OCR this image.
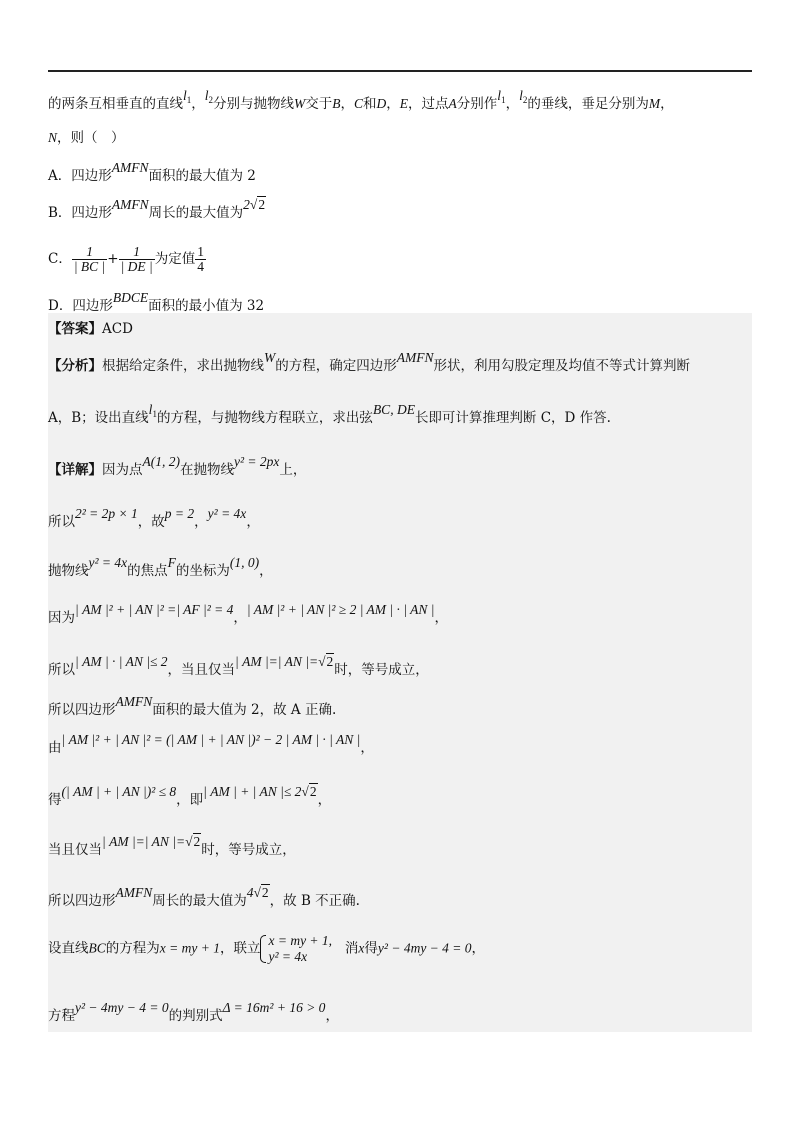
的两条互相垂直的直线$l_1$，$l_2$分别与抛物线W交于B，C和D，E，过点A分别作$l_1$，$l_2$的垂线，垂足分别为M，
N，则（　）
A．四边形AMFN面积的最大值为 2
B．四边形AMFN周长的最大值为2√2
C． $\frac{1}{| BC |} + \frac{1}{| DE |}$ 为定值 $\frac{1}{4}$
D．四边形BDCE面积的最小值为 32
【答案】ACD
【分析】根据给定条件，求出抛物线W的方程，确定四边形AMFN形状，利用勾股定理及均值不等式计算判断
A，B；设出直线$l_1$的方程，与抛物线方程联立，求出弦BC, DE长即可计算推理判断 C，D 作答.
【详解】因为点A(1, 2)在抛物线y² = 2px上，
所以2² = 2p × 1，故p = 2，y² = 4x，
抛物线y² = 4x的焦点F的坐标为(1, 0)，
因为| AM |² + | AN |² =| AF |² = 4，| AM |² + | AN |² ≥ 2 | AM | · | AN |，
所以| AM | · | AN |≤ 2，当且仅当| AM |=| AN |=√2时，等号成立，
所以四边形AMFN面积的最大值为 2，故 A 正确.
由| AM |² + | AN |² = (| AM | + | AN |)² − 2 | AM | · | AN |，
得(| AM | + | AN |)² ≤ 8，即| AM | + | AN |≤ 2√2，
当且仅当| AM |=| AN |=√2时，等号成立，
所以四边形AMFN周长的最大值为4√2，故 B 不正确.
设直线BC的方程为x = my + 1，联立 x = my + 1,
y² = 4x	消x得y² − 4my − 4 = 0，
方程y² − 4my − 4 = 0的判别式Δ = 16m² + 16 > 0，
